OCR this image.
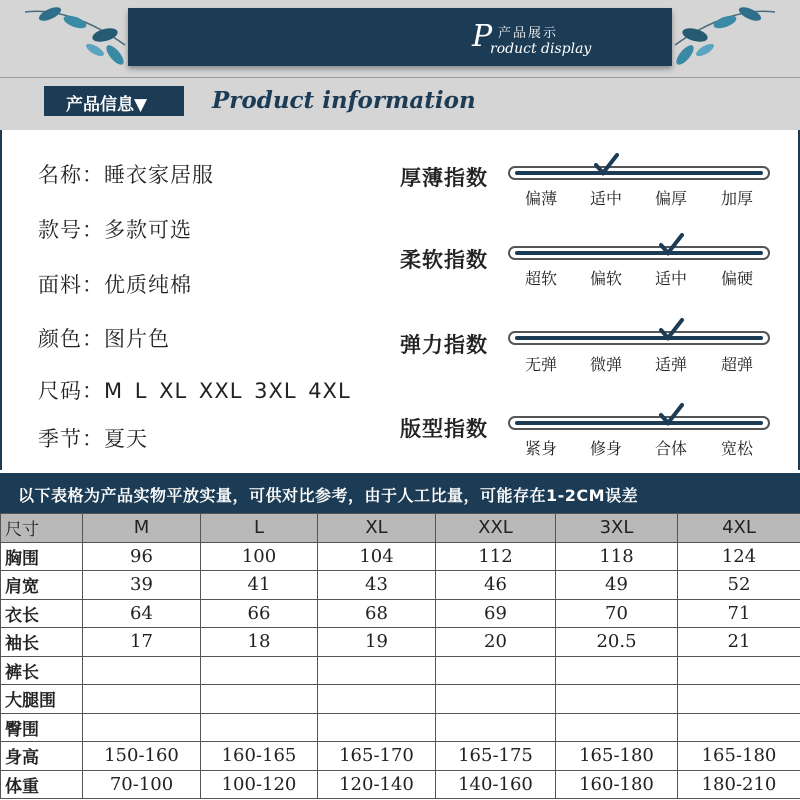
P 产品展示
roduct display
产品信息▼	Product information
名称：睡衣家居服
款号：多款可选
面料：优质纯棉
颜色：图片色
尺码：M L XL XXL 3XL 4XL
季节：夏天
厚薄指数
偏薄	适中	偏厚	加厚
柔软指数
超软	偏软	适中	偏硬
弹力指数
无弹	微弹	适弹	超弹
版型指数
紧身	修身	合体	宽松
以下表格为产品实物平放实量，可供对比参考，由于人工比量，可能存在1-2CM误差
尺寸	M	L	XL	XXL	3XL	4XL
胸围	96	100	104	112	118	124
肩宽	39	41	43	46	49	52
衣长	64	66	68	69	70	71
袖长	17	18	19	20	20.5	21
裤长						
大腿围						
臀围						
身高	150-160	160-165	165-170	165-175	165-180	165-180
体重	70-100	100-120	120-140	140-160	160-180	180-210
